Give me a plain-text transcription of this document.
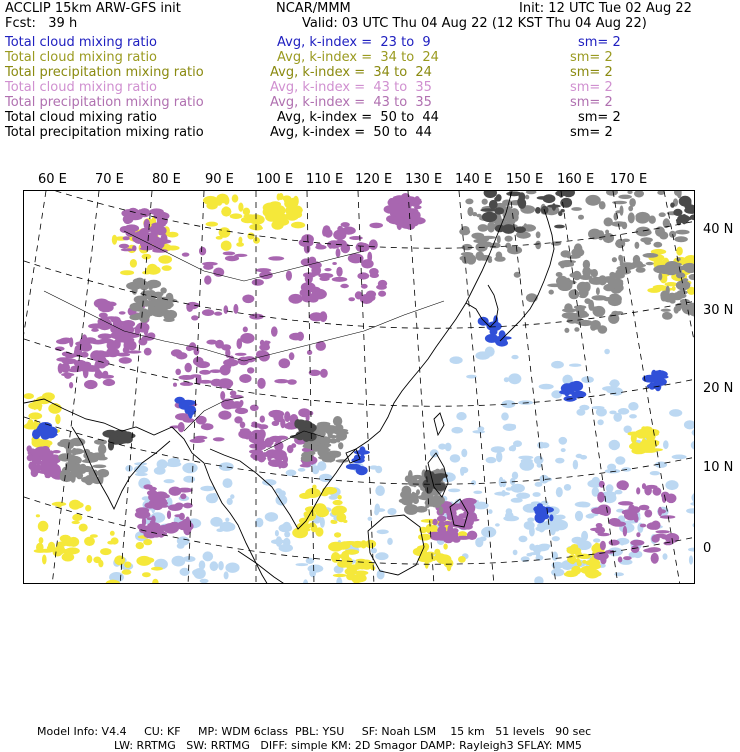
ACCLIP 15km ARW-GFS init	NCAR/MMM	Init: 12 UTC Tue 02 Aug 22
Fcst:   39 h	Valid: 03 UTC Thu 04 Aug 22 (12 KST Thu 04 Aug 22)
Total cloud mixing ratio	Avg, k-index =  23 to  9	sm= 2
Total cloud mixing ratio	Avg, k-index =  34 to  24	sm= 2
Total precipitation mixing ratio	Avg, k-index =  34 to  24	sm= 2
Total cloud mixing ratio	Avg, k-index =  43 to  35	sm= 2
Total precipitation mixing ratio	Avg, k-index =  43 to  35	sm= 2
Total cloud mixing ratio	Avg, k-index =  50 to  44	sm= 2
Total precipitation mixing ratio	Avg, k-index =  50 to  44	sm= 2
60 E 70 E 80 E 90 E 100 E 110 E 120 E 130 E 140 E 150 E 160 E 170 E
40 N
30 N
20 N
10 N
0

Model Info: V4.4 CU: KF MP: WDM 6class PBL: YSU SF: Noah LSM 15 km 51 levels 90 sec

LW: RRTMG SW: RRTMG DIFF: simple KM: 2D Smagor DAMP: Rayleigh3 SFLAY: MM5
